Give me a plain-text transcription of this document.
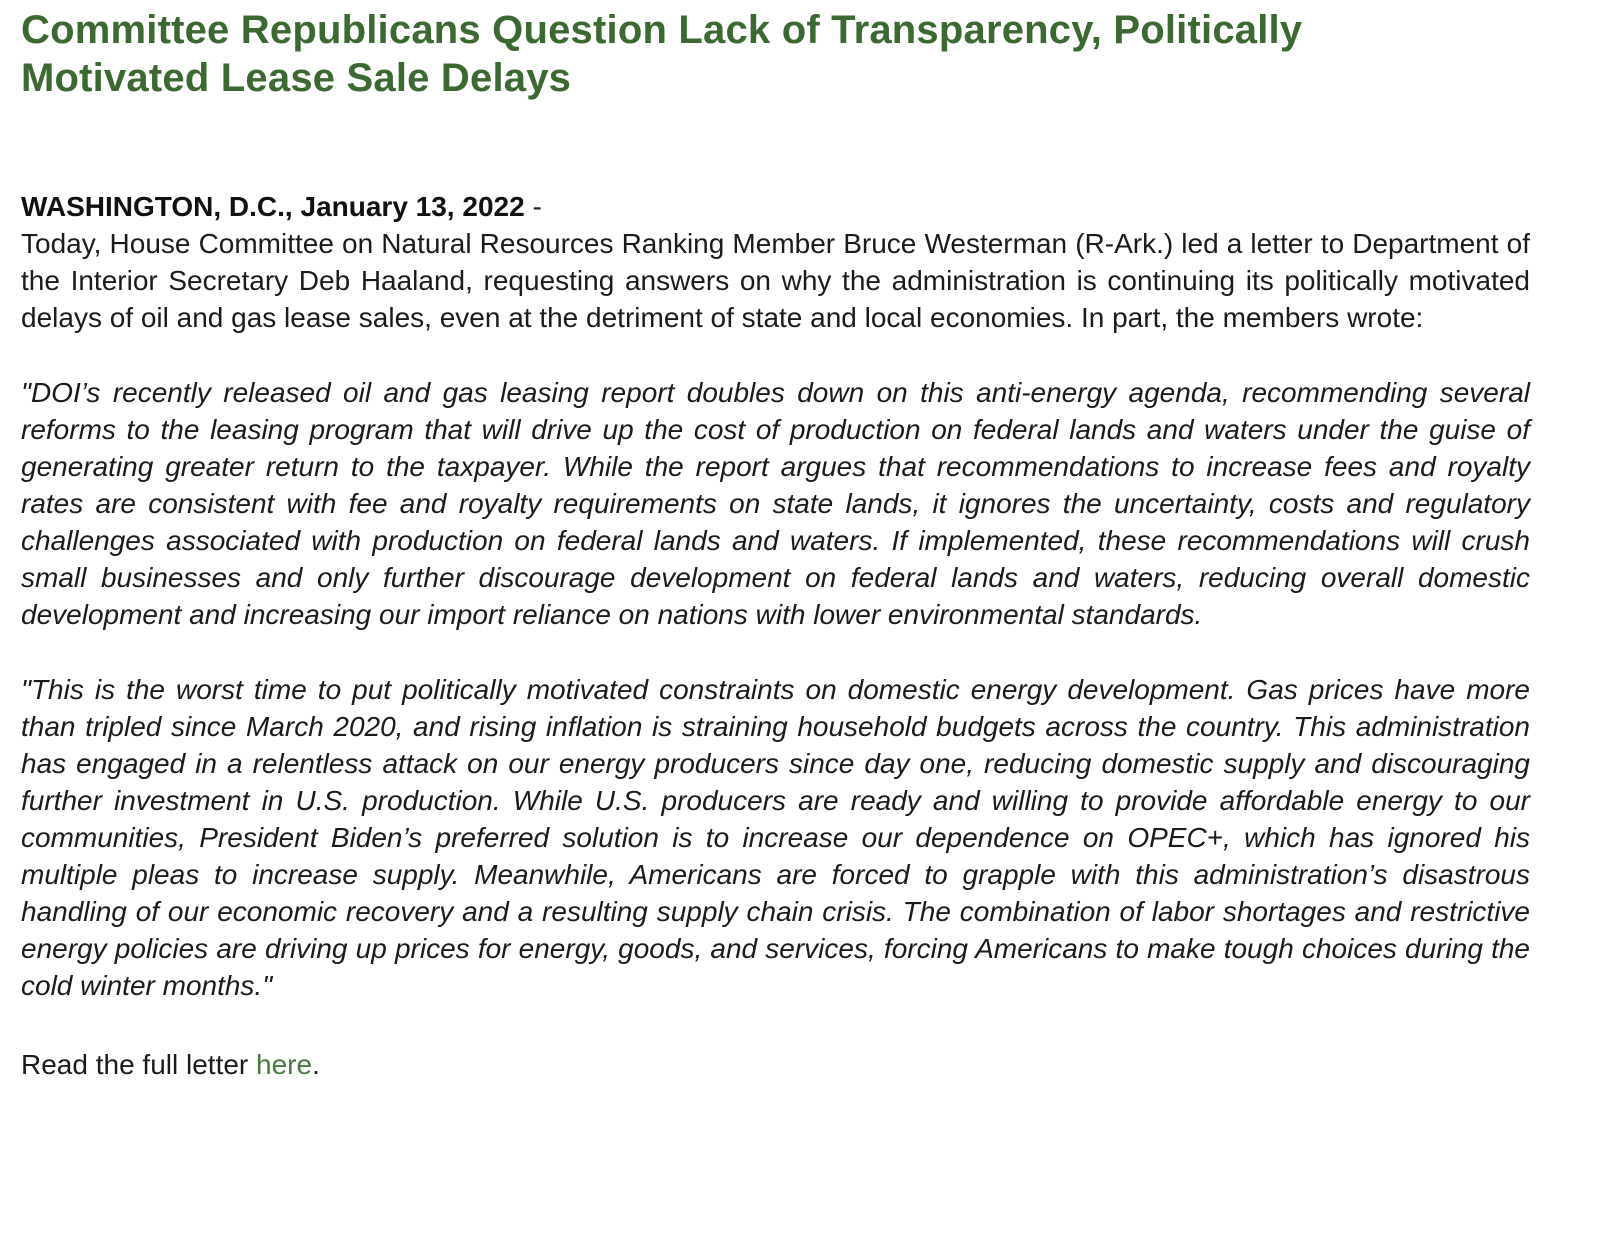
Committee Republicans Question Lack of Transparency, Politically
Motivated Lease Sale Delays

WASHINGTON, D.C., January 13, 2022 -

Today, House Committee on Natural Resources Ranking Member Bruce Westerman (R-Ark.) led a letter to Department of the Interior Secretary Deb Haaland, requesting answers on why the administration is continuing its politically motivated delays of oil and gas lease sales, even at the detriment of state and local economies. In part, the members wrote:

"DOI’s recently released oil and gas leasing report doubles down on this anti-energy agenda, recommending several reforms to the leasing program that will drive up the cost of production on federal lands and waters under the guise of generating greater return to the taxpayer. While the report argues that recommendations to increase fees and royalty rates are consistent with fee and royalty requirements on state lands, it ignores the uncertainty, costs and regulatory challenges associated with production on federal lands and waters. If implemented, these recommendations will crush small businesses and only further discourage development on federal lands and waters, reducing overall domestic development and increasing our import reliance on nations with lower environmental standards.

"This is the worst time to put politically motivated constraints on domestic energy development. Gas prices have more than tripled since March 2020, and rising inflation is straining household budgets across the country. This administration has engaged in a relentless attack on our energy producers since day one, reducing domestic supply and discouraging further investment in U.S. production. While U.S. producers are ready and willing to provide affordable energy to our communities, President Biden’s preferred solution is to increase our dependence on OPEC+, which has ignored his multiple pleas to increase supply. Meanwhile, Americans are forced to grapple with this administration’s disastrous handling of our economic recovery and a resulting supply chain crisis. The combination of labor shortages and restrictive energy policies are driving up prices for energy, goods, and services, forcing Americans to make tough choices during the cold winter months."

Read the full letter here.
